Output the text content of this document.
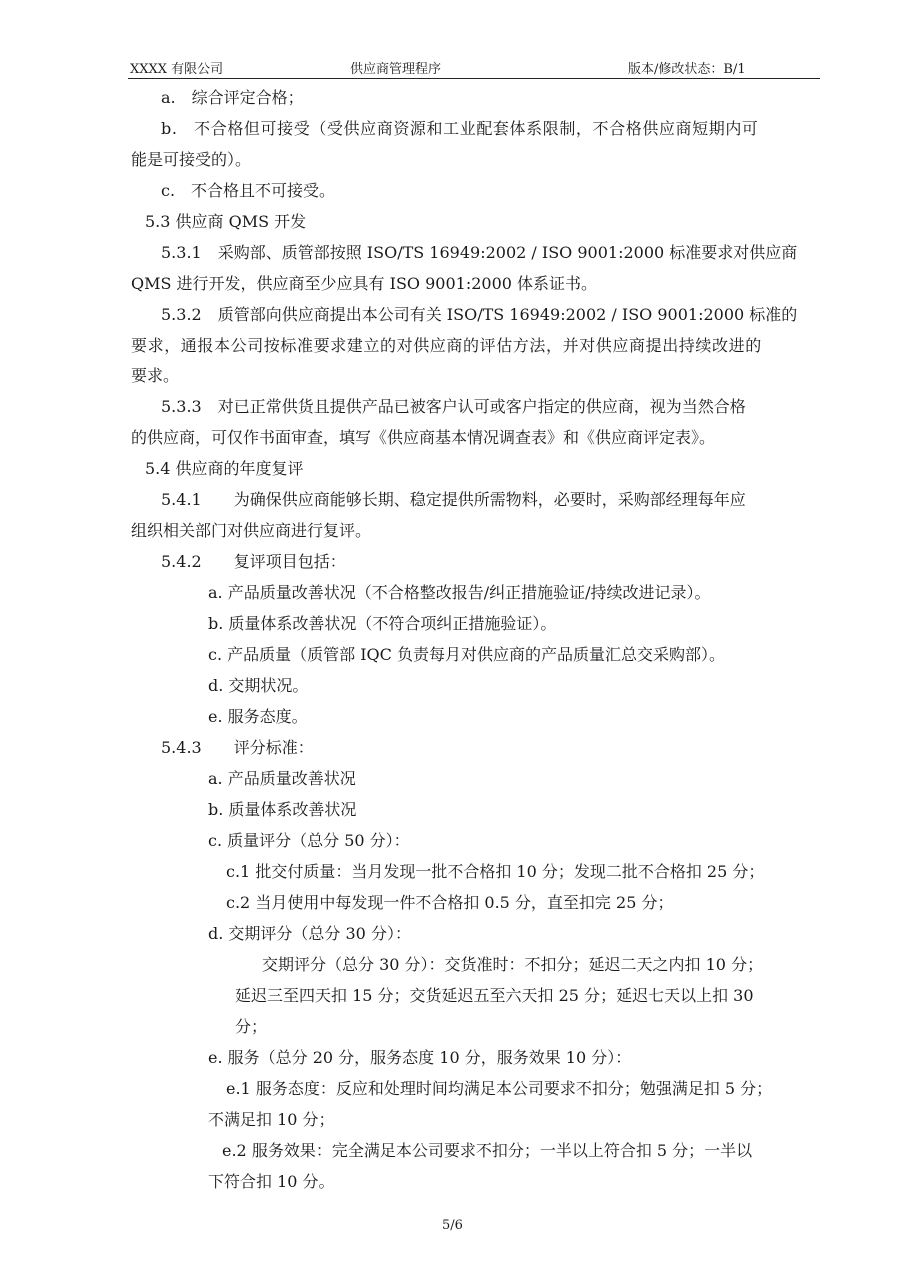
XXXX 有限公司	供应商管理程序	版本/修改状态：B/1
a.　综合评定合格；
b.　不合格但可接受（受供应商资源和工业配套体系限制，不合格供应商短期内可
能是可接受的）。
c.　不合格且不可接受。
5.3 供应商 QMS 开发
5.3.1　采购部、质管部按照 ISO/TS 16949:2002 / ISO 9001:2000 标准要求对供应商
QMS 进行开发，供应商至少应具有 ISO 9001:2000 体系证书。
5.3.2　质管部向供应商提出本公司有关 ISO/TS 16949:2002 / ISO 9001:2000 标准的
要求，通报本公司按标准要求建立的对供应商的评估方法，并对供应商提出持续改进的
要求。
5.3.3　对已正常供货且提供产品已被客户认可或客户指定的供应商，视为当然合格
的供应商，可仅作书面审查，填写《供应商基本情况调查表》和《供应商评定表》。
5.4 供应商的年度复评
5.4.1　　为确保供应商能够长期、稳定提供所需物料，必要时，采购部经理每年应
组织相关部门对供应商进行复评。
5.4.2　　复评项目包括：
a. 产品质量改善状况（不合格整改报告/纠正措施验证/持续改进记录）。
b. 质量体系改善状况（不符合项纠正措施验证）。
c. 产品质量（质管部 IQC 负责每月对供应商的产品质量汇总交采购部）。
d. 交期状况。
e. 服务态度。
5.4.3　　评分标准：
a. 产品质量改善状况
b. 质量体系改善状况
c. 质量评分（总分 50 分）：
c.1 批交付质量：当月发现一批不合格扣 10 分；发现二批不合格扣 25 分；
c.2 当月使用中每发现一件不合格扣 0.5 分，直至扣完 25 分；
d. 交期评分（总分 30 分）：
交期评分（总分 30 分）：交货准时：不扣分；延迟二天之内扣 10 分；
延迟三至四天扣 15 分；交货延迟五至六天扣 25 分；延迟七天以上扣 30
分；
e. 服务（总分 20 分，服务态度 10 分，服务效果 10 分）：
e.1 服务态度：反应和处理时间均满足本公司要求不扣分；勉强满足扣 5 分；
不满足扣 10 分；
e.2 服务效果：完全满足本公司要求不扣分；一半以上符合扣 5 分；一半以
下符合扣 10 分。
5/6
